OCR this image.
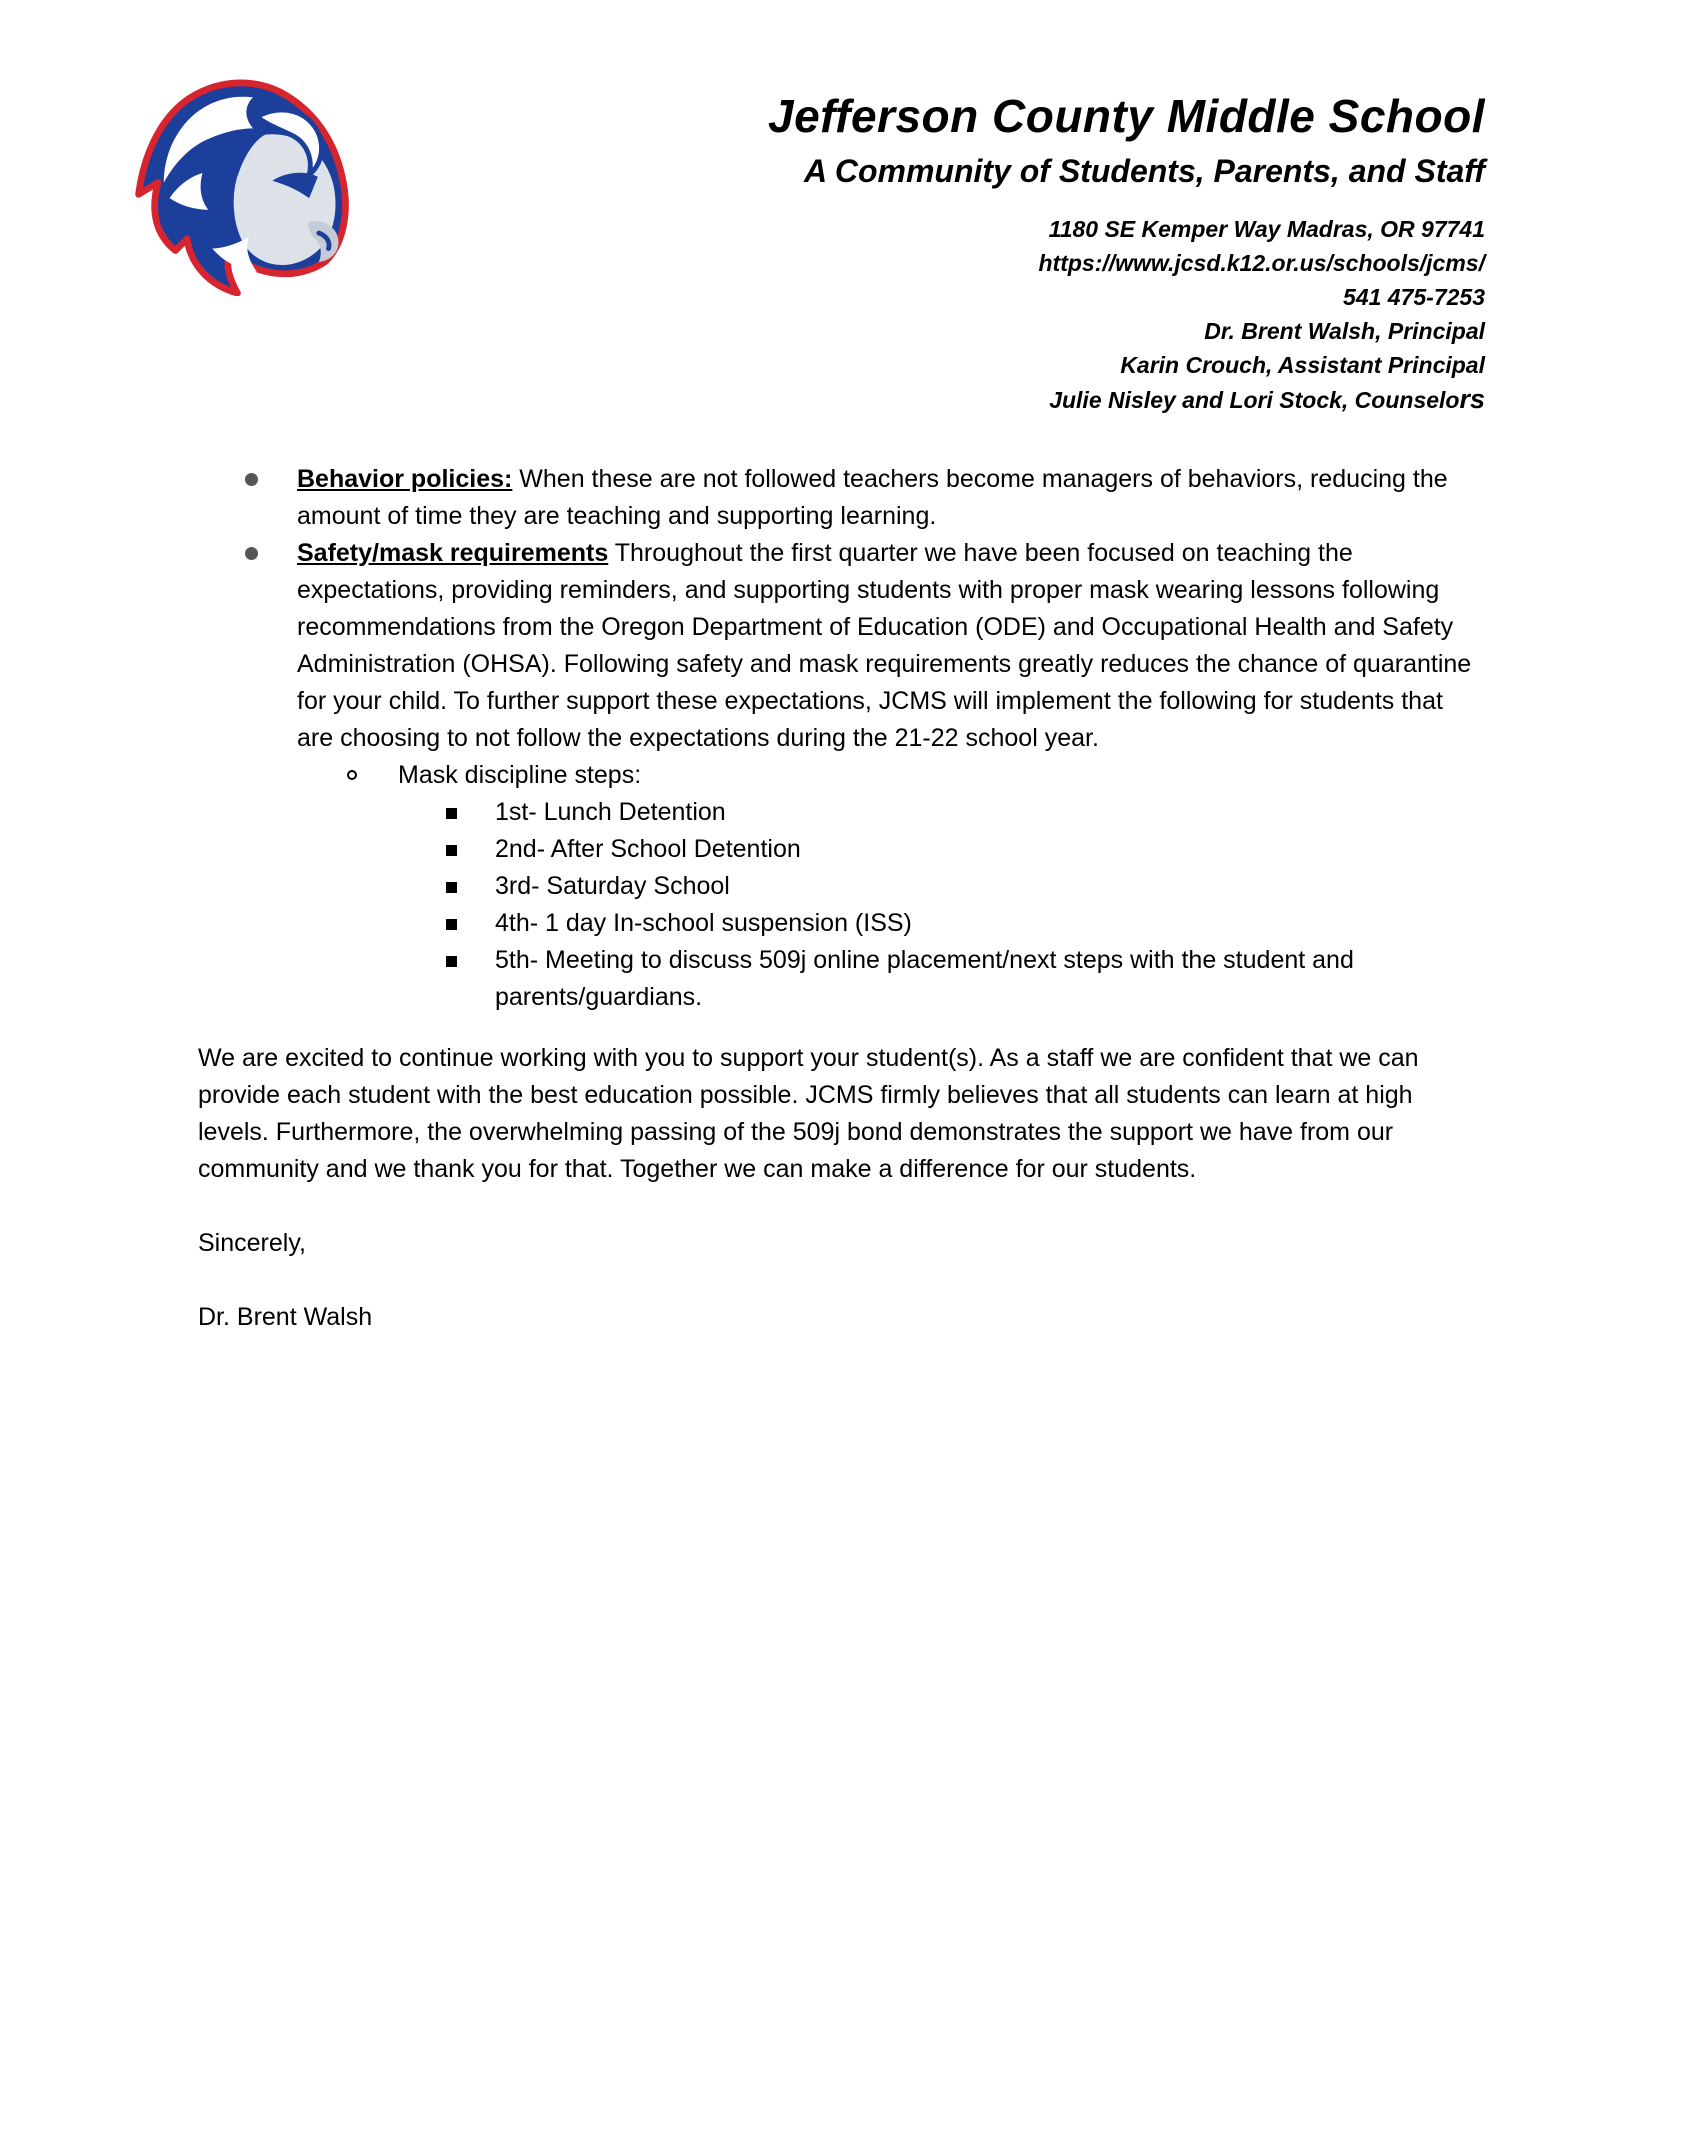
Jefferson County Middle School
A Community of Students, Parents, and Staff
1180 SE Kemper Way Madras, OR 97741
https://www.jcsd.k12.or.us/schools/jcms/
541 475-7253
Dr. Brent Walsh, Principal
Karin Crouch, Assistant Principal
Julie Nisley and Lori Stock, Counselors
Behavior policies: When these are not followed teachers become managers of behaviors, reducing the amount of time they are teaching and supporting learning.
Safety/mask requirements Throughout the first quarter we have been focused on teaching the expectations, providing reminders, and supporting students with proper mask wearing lessons following recommendations from the Oregon Department of Education (ODE) and Occupational Health and Safety Administration (OHSA). Following safety and mask requirements greatly reduces the chance of quarantine for your child. To further support these expectations, JCMS will implement the following for students that are choosing to not follow the expectations during the 21-22 school year.
Mask discipline steps:
1st- Lunch Detention
2nd- After School Detention
3rd- Saturday School
4th- 1 day In-school suspension (ISS)
5th- Meeting to discuss 509j online placement/next steps with the student and parents/guardians.

We are excited to continue working with you to support your student(s). As a staff we are confident that we can provide each student with the best education possible. JCMS firmly believes that all students can learn at high levels. Furthermore, the overwhelming passing of the 509j bond demonstrates the support we have from our community and we thank you for that. Together we can make a difference for our students.

Sincerely,

Dr. Brent Walsh
